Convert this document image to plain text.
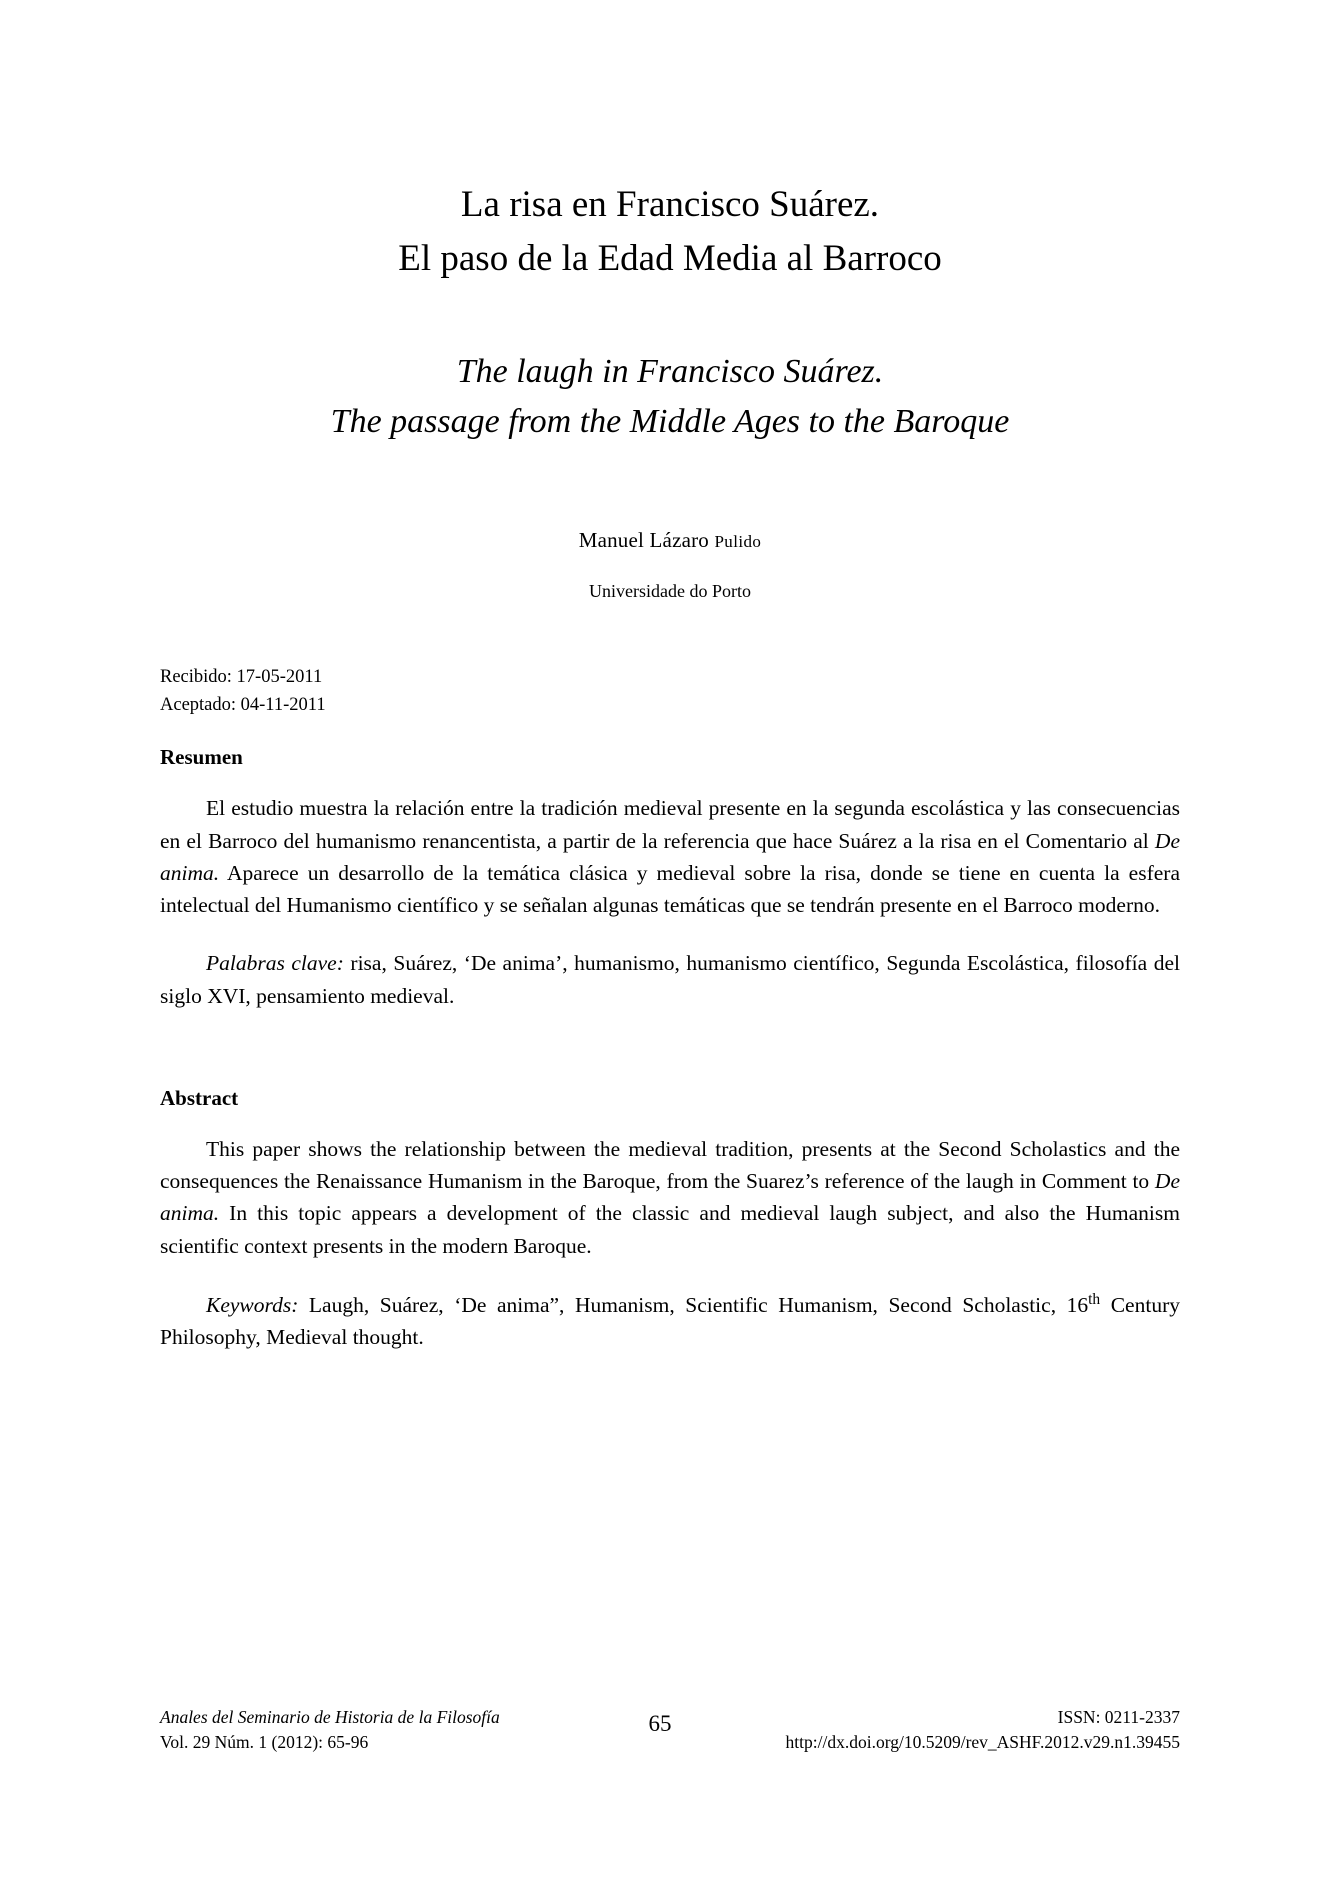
La risa en Francisco Suárez.
El paso de la Edad Media al Barroco
The laugh in Francisco Suárez.
The passage from the Middle Ages to the Baroque
Manuel Lázaro Pulido
Universidade do Porto
Recibido: 17-05-2011
Aceptado: 04-11-2011
Resumen

El estudio muestra la relación entre la tradición medieval presente en la segunda escolástica y las consecuencias en el Barroco del humanismo renancentista, a partir de la referencia que hace Suárez a la risa en el Comentario al De anima. Aparece un desarrollo de la temática clásica y medieval sobre la risa, donde se tiene en cuenta la esfera intelectual del Humanismo científico y se señalan algunas temáticas que se tendrán presente en el Barroco moderno.

Palabras clave: risa, Suárez, ‘De anima’, humanismo, humanismo científico, Segunda Escolástica, filosofía del siglo XVI, pensamiento medieval.

Abstract

This paper shows the relationship between the medieval tradition, presents at the Second Scholastics and the consequences the Renaissance Humanism in the Baroque, from the Suarez’s reference of the laugh in Comment to De anima. In this topic appears a development of the classic and medieval laugh subject, and also the Humanism scientific context presents in the modern Baroque.

Keywords: Laugh, Suárez, ‘De anima”, Humanism, Scientific Humanism, Second Scholastic, 16th Century Philosophy, Medieval thought.

Anales del Seminario de Historia de la Filosofía
Vol. 29 Núm. 1 (2012): 65-96
65	ISSN: 0211-2337
http://dx.doi.org/10.5209/rev_ASHF.2012.v29.n1.39455
